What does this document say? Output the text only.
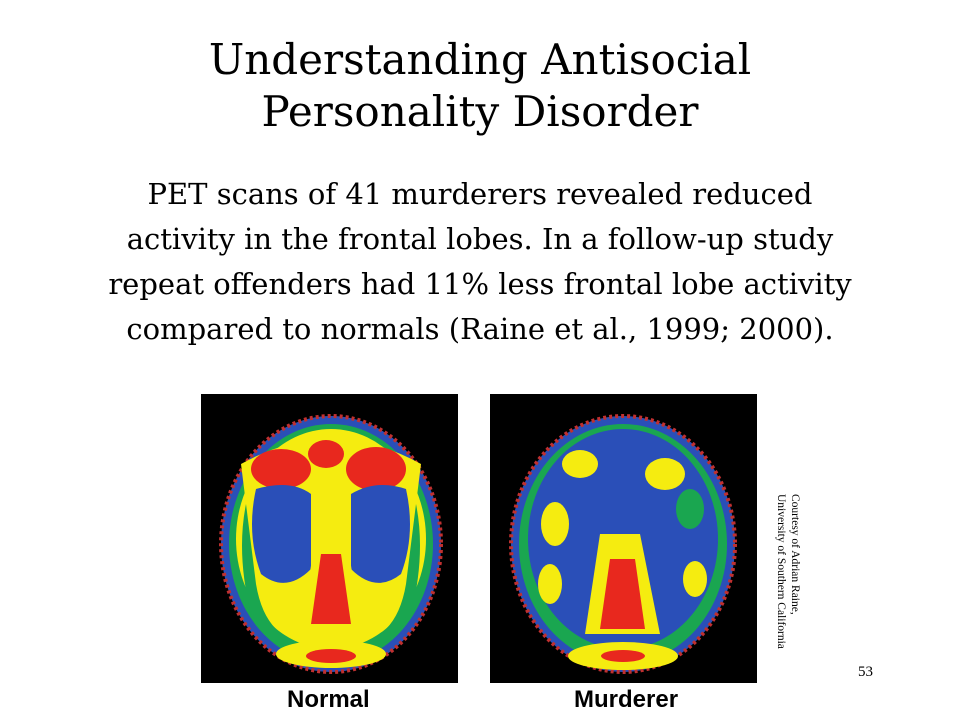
Understanding Antisocial
Personality Disorder
PET scans of 41 murderers revealed reduced
activity in the frontal lobes. In a follow-up study
repeat offenders had 11% less frontal lobe activity
compared to normals (Raine et al., 1999; 2000).
Normal	Murderer
Courtesy of Adrian Raine,
University of Southern California
53
